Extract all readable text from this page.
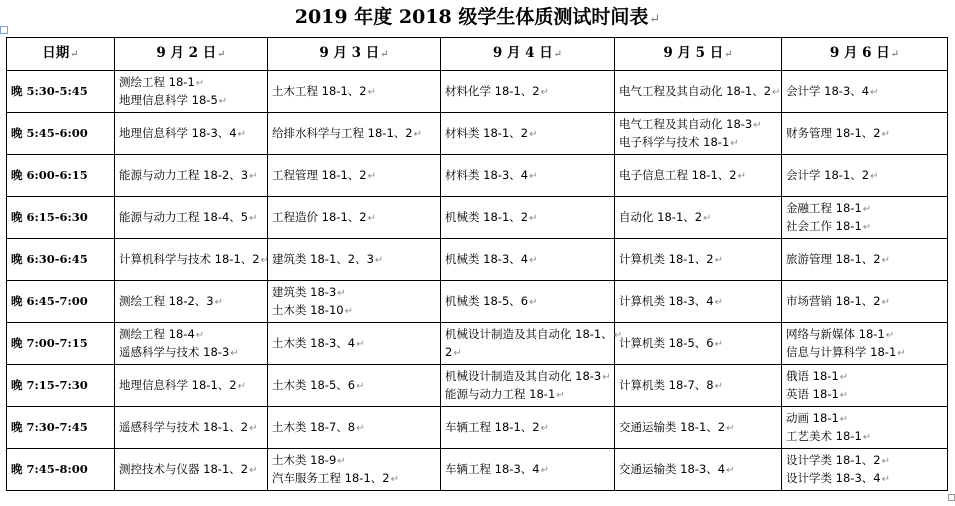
2019 年度 2018 级学生体质测试时间表↵
日期↵	9 月 2 日↵	9 月 3 日↵	9 月 4 日↵	9 月 5 日↵	9 月 6 日↵
晚 5:30-5:45	测绘工程 18-1↵
地理信息科学 18-5↵	土木工程 18-1、2↵	材料化学 18-1、2↵	电气工程及其自动化 18-1、2↵	会计学 18-3、4↵

晚 5:45-6:00	地理信息科学 18-3、4↵	给排水科学与工程 18-1、2↵	材料类 18-1、2↵	电气工程及其自动化 18-3↵
电子科学与技术 18-1↵	财务管理 18-1、2↵

晚 6:00-6:15	能源与动力工程 18-2、3↵	工程管理 18-1、2↵	材料类 18-3、4↵	电子信息工程 18-1、2↵	会计学 18-1、2↵

晚 6:15-6:30	能源与动力工程 18-4、5↵	工程造价 18-1、2↵	机械类 18-1、2↵	自动化 18-1、2↵	金融工程 18-1↵
社会工作 18-1↵

晚 6:30-6:45	计算机科学与技术 18-1、2↵	建筑类 18-1、2、3↵	机械类 18-3、4↵	计算机类 18-1、2↵	旅游管理 18-1、2↵

晚 6:45-7:00	测绘工程 18-2、3↵	建筑类 18-3↵
土木类 18-10↵	机械类 18-5、6↵	计算机类 18-3、4↵	市场营销 18-1、2↵

晚 7:00-7:15	测绘工程 18-4↵
遥感科学与技术 18-3↵	土木类 18-3、4↵	机械设计制造及其自动化 18-1、↵
2↵	计算机类 18-5、6↵	网络与新媒体 18-1↵
信息与计算科学 18-1↵

晚 7:15-7:30	地理信息科学 18-1、2↵	土木类 18-5、6↵	机械设计制造及其自动化 18-3↵
能源与动力工程 18-1↵	计算机类 18-7、8↵	俄语 18-1↵
英语 18-1↵

晚 7:30-7:45	遥感科学与技术 18-1、2↵	土木类 18-7、8↵	车辆工程 18-1、2↵	交通运输类 18-1、2↵	动画 18-1↵
工艺美术 18-1↵

晚 7:45-8:00	测控技术与仪器 18-1、2↵	土木类 18-9↵
汽车服务工程 18-1、2↵	车辆工程 18-3、4↵	交通运输类 18-3、4↵	设计学类 18-1、2↵
设计学类 18-3、4↵
